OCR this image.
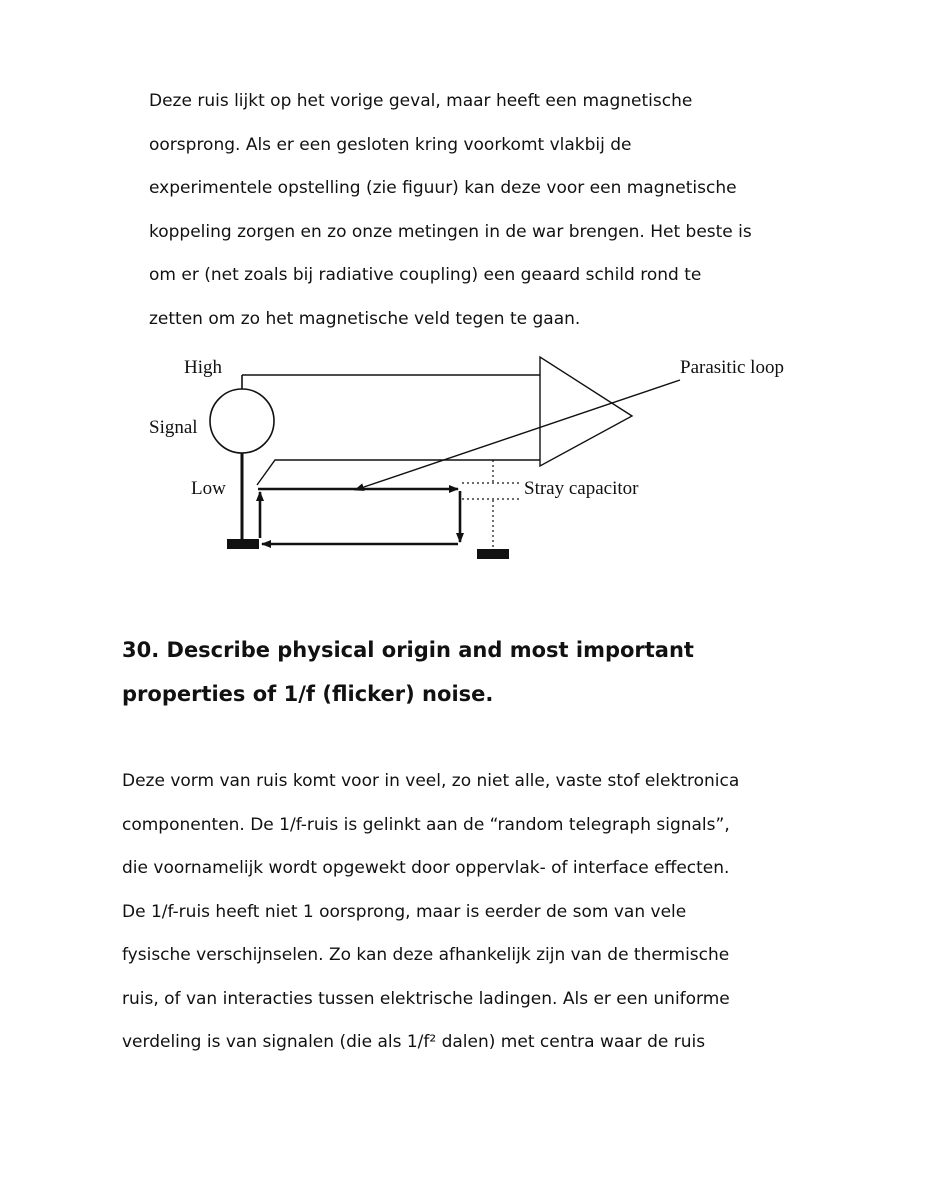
Deze ruis lijkt op het vorige geval, maar heeft een magnetische

oorsprong. Als er een gesloten kring voorkomt vlakbij de

experimentele opstelling (zie figuur) kan deze voor een magnetische

koppeling zorgen en zo onze metingen in de war brengen. Het beste is

om er (net zoals bij radiative coupling) een geaard schild rond te

zetten om zo het magnetische veld tegen te gaan.

High
Signal
Low
Parasitic loop
Stray capacitor
30. Describe physical origin and most important
properties of 1/f (flicker) noise.

Deze vorm van ruis komt voor in veel, zo niet alle, vaste stof elektronica

componenten. De 1/f-ruis is gelinkt aan de “random telegraph signals”,

die voornamelijk wordt opgewekt door oppervlak- of interface effecten.

De 1/f-ruis heeft niet 1 oorsprong, maar is eerder de som van vele

fysische verschijnselen. Zo kan deze afhankelijk zijn van de thermische

ruis, of van interacties tussen elektrische ladingen. Als er een uniforme

verdeling is van signalen (die als 1/f² dalen) met centra waar de ruis
